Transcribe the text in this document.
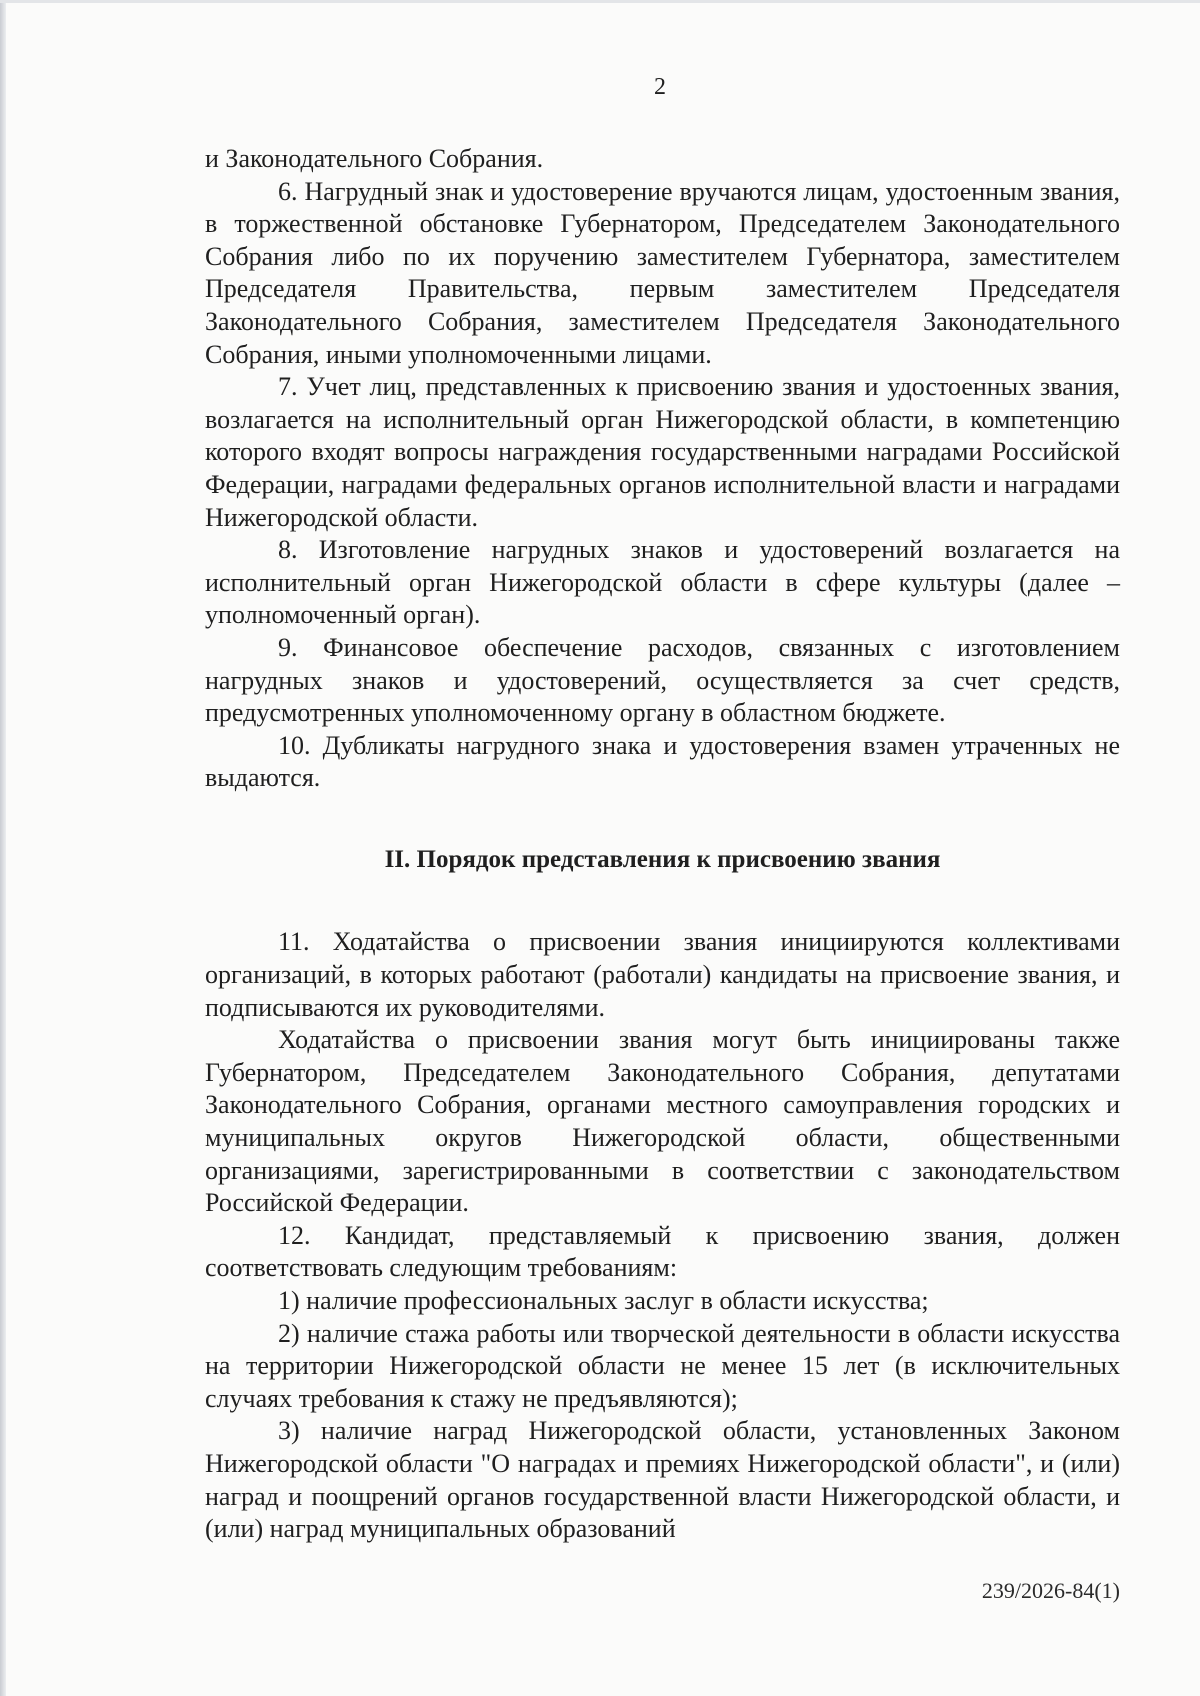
2

и Законодательного Собрания.

6. Нагрудный знак и удостоверение вручаются лицам, удостоенным звания, в торжественной обстановке Губернатором, Председателем Законодательного Собрания либо по их поручению заместителем Губернатора, заместителем Председателя Правительства, первым заместителем Председателя Законодательного Собрания, заместителем Председателя Законодательного Собрания, иными уполномоченными лицами.

7. Учет лиц, представленных к присвоению звания и удостоенных звания, возлагается на исполнительный орган Нижегородской области, в компетенцию которого входят вопросы награждения государственными наградами Российской Федерации, наградами федеральных органов исполнительной власти и наградами Нижегородской области.

8. Изготовление нагрудных знаков и удостоверений возлагается на исполнительный орган Нижегородской области в сфере культуры (далее – уполномоченный орган).

9. Финансовое обеспечение расходов, связанных с изготовлением нагрудных знаков и удостоверений, осуществляется за счет средств, предусмотренных уполномоченному органу в областном бюджете.

10. Дубликаты нагрудного знака и удостоверения взамен утраченных не выдаются.

II. Порядок представления к присвоению звания

11. Ходатайства о присвоении звания инициируются коллективами организаций, в которых работают (работали) кандидаты на присвоение звания, и подписываются их руководителями.

Ходатайства о присвоении звания могут быть инициированы также Губернатором, Председателем Законодательного Собрания, депутатами Законодательного Собрания, органами местного самоуправления городских и муниципальных округов Нижегородской области, общественными организациями, зарегистрированными в соответствии с законодательством Российской Федерации.

12. Кандидат, представляемый к присвоению звания, должен соответствовать следующим требованиям:

1) наличие профессиональных заслуг в области искусства;

2) наличие стажа работы или творческой деятельности в области искусства на территории Нижегородской области не менее 15 лет (в исключительных случаях требования к стажу не предъявляются);

3) наличие наград Нижегородской области, установленных Законом Нижегородской области "О наградах и премиях Нижегородской области", и (или) наград и поощрений органов государственной власти Нижегородской области, и (или) наград муниципальных образований

239/2026-84(1)
